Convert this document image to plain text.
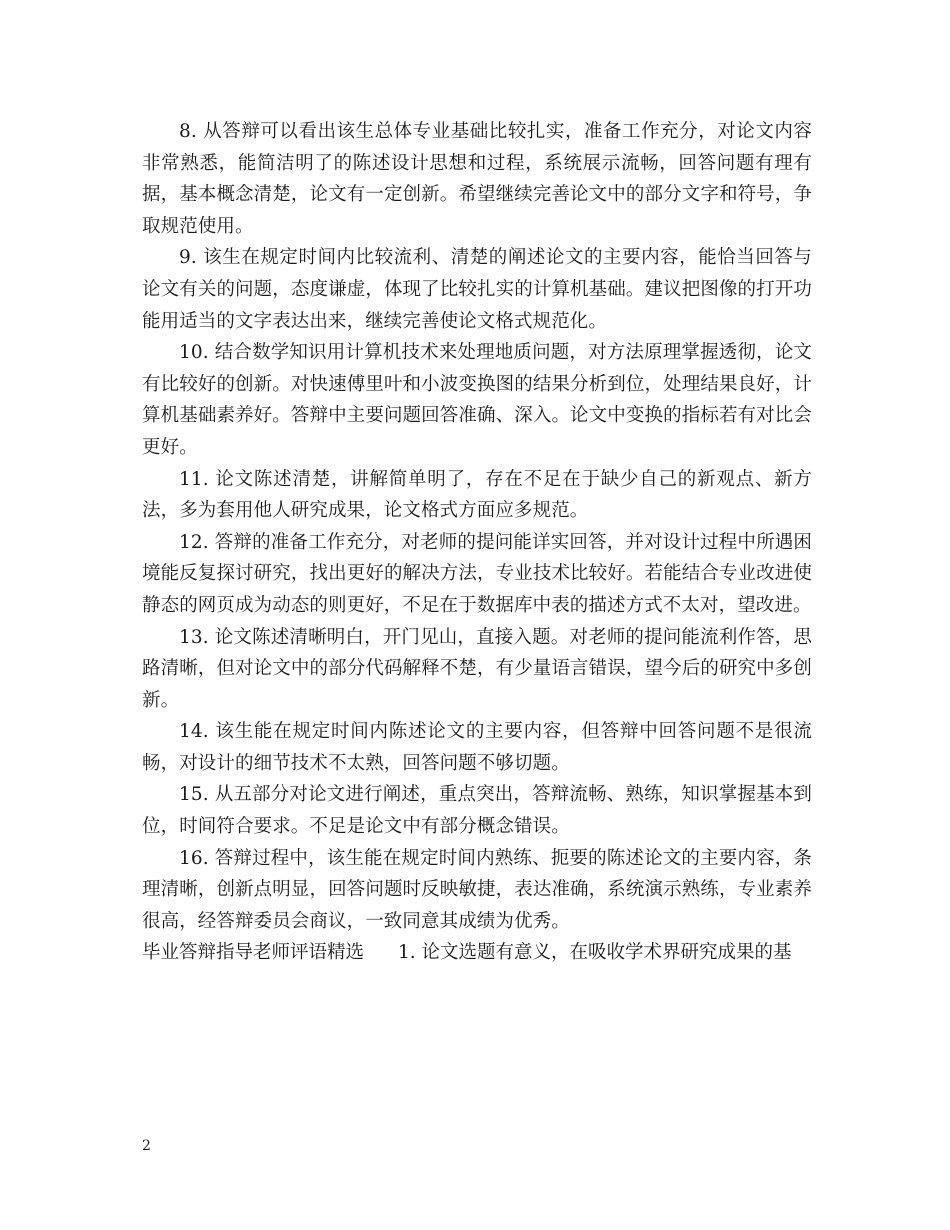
8. 从答辩可以看出该生总体专业基础比较扎实，准备工作充分，对论文内容非常熟悉，能简洁明了的陈述设计思想和过程，系统展示流畅，回答问题有理有据，基本概念清楚，论文有一定创新。希望继续完善论文中的部分文字和符号，争取规范使用。

9. 该生在规定时间内比较流利、清楚的阐述论文的主要内容，能恰当回答与论文有关的问题，态度谦虚，体现了比较扎实的计算机基础。建议把图像的打开功能用适当的文字表达出来，继续完善使论文格式规范化。

10. 结合数学知识用计算机技术来处理地质问题，对方法原理掌握透彻，论文有比较好的创新。对快速傅里叶和小波变换图的结果分析到位，处理结果良好，计算机基础素养好。答辩中主要问题回答准确、深入。论文中变换的指标若有对比会更好。

11. 论文陈述清楚，讲解简单明了，存在不足在于缺少自己的新观点、新方法，多为套用他人研究成果，论文格式方面应多规范。

12. 答辩的准备工作充分，对老师的提问能详实回答，并对设计过程中所遇困境能反复探讨研究，找出更好的解决方法，专业技术比较好。若能结合专业改进使静态的网页成为动态的则更好，不足在于数据库中表的描述方式不太对，望改进。

13. 论文陈述清晰明白，开门见山，直接入题。对老师的提问能流利作答，思路清晰，但对论文中的部分代码解释不楚，有少量语言错误，望今后的研究中多创新。

14. 该生能在规定时间内陈述论文的主要内容，但答辩中回答问题不是很流畅，对设计的细节技术不太熟，回答问题不够切题。

15. 从五部分对论文进行阐述，重点突出，答辩流畅、熟练，知识掌握基本到位，时间符合要求。不足是论文中有部分概念错误。

16. 答辩过程中，该生能在规定时间内熟练、扼要的陈述论文的主要内容，条理清晰，创新点明显，回答问题时反映敏捷，表达准确，系统演示熟练，专业素养很高，经答辩委员会商议，一致同意其成绩为优秀。

毕业答辩指导老师评语精选 1. 论文选题有意义，在吸收学术界研究成果的基

2
